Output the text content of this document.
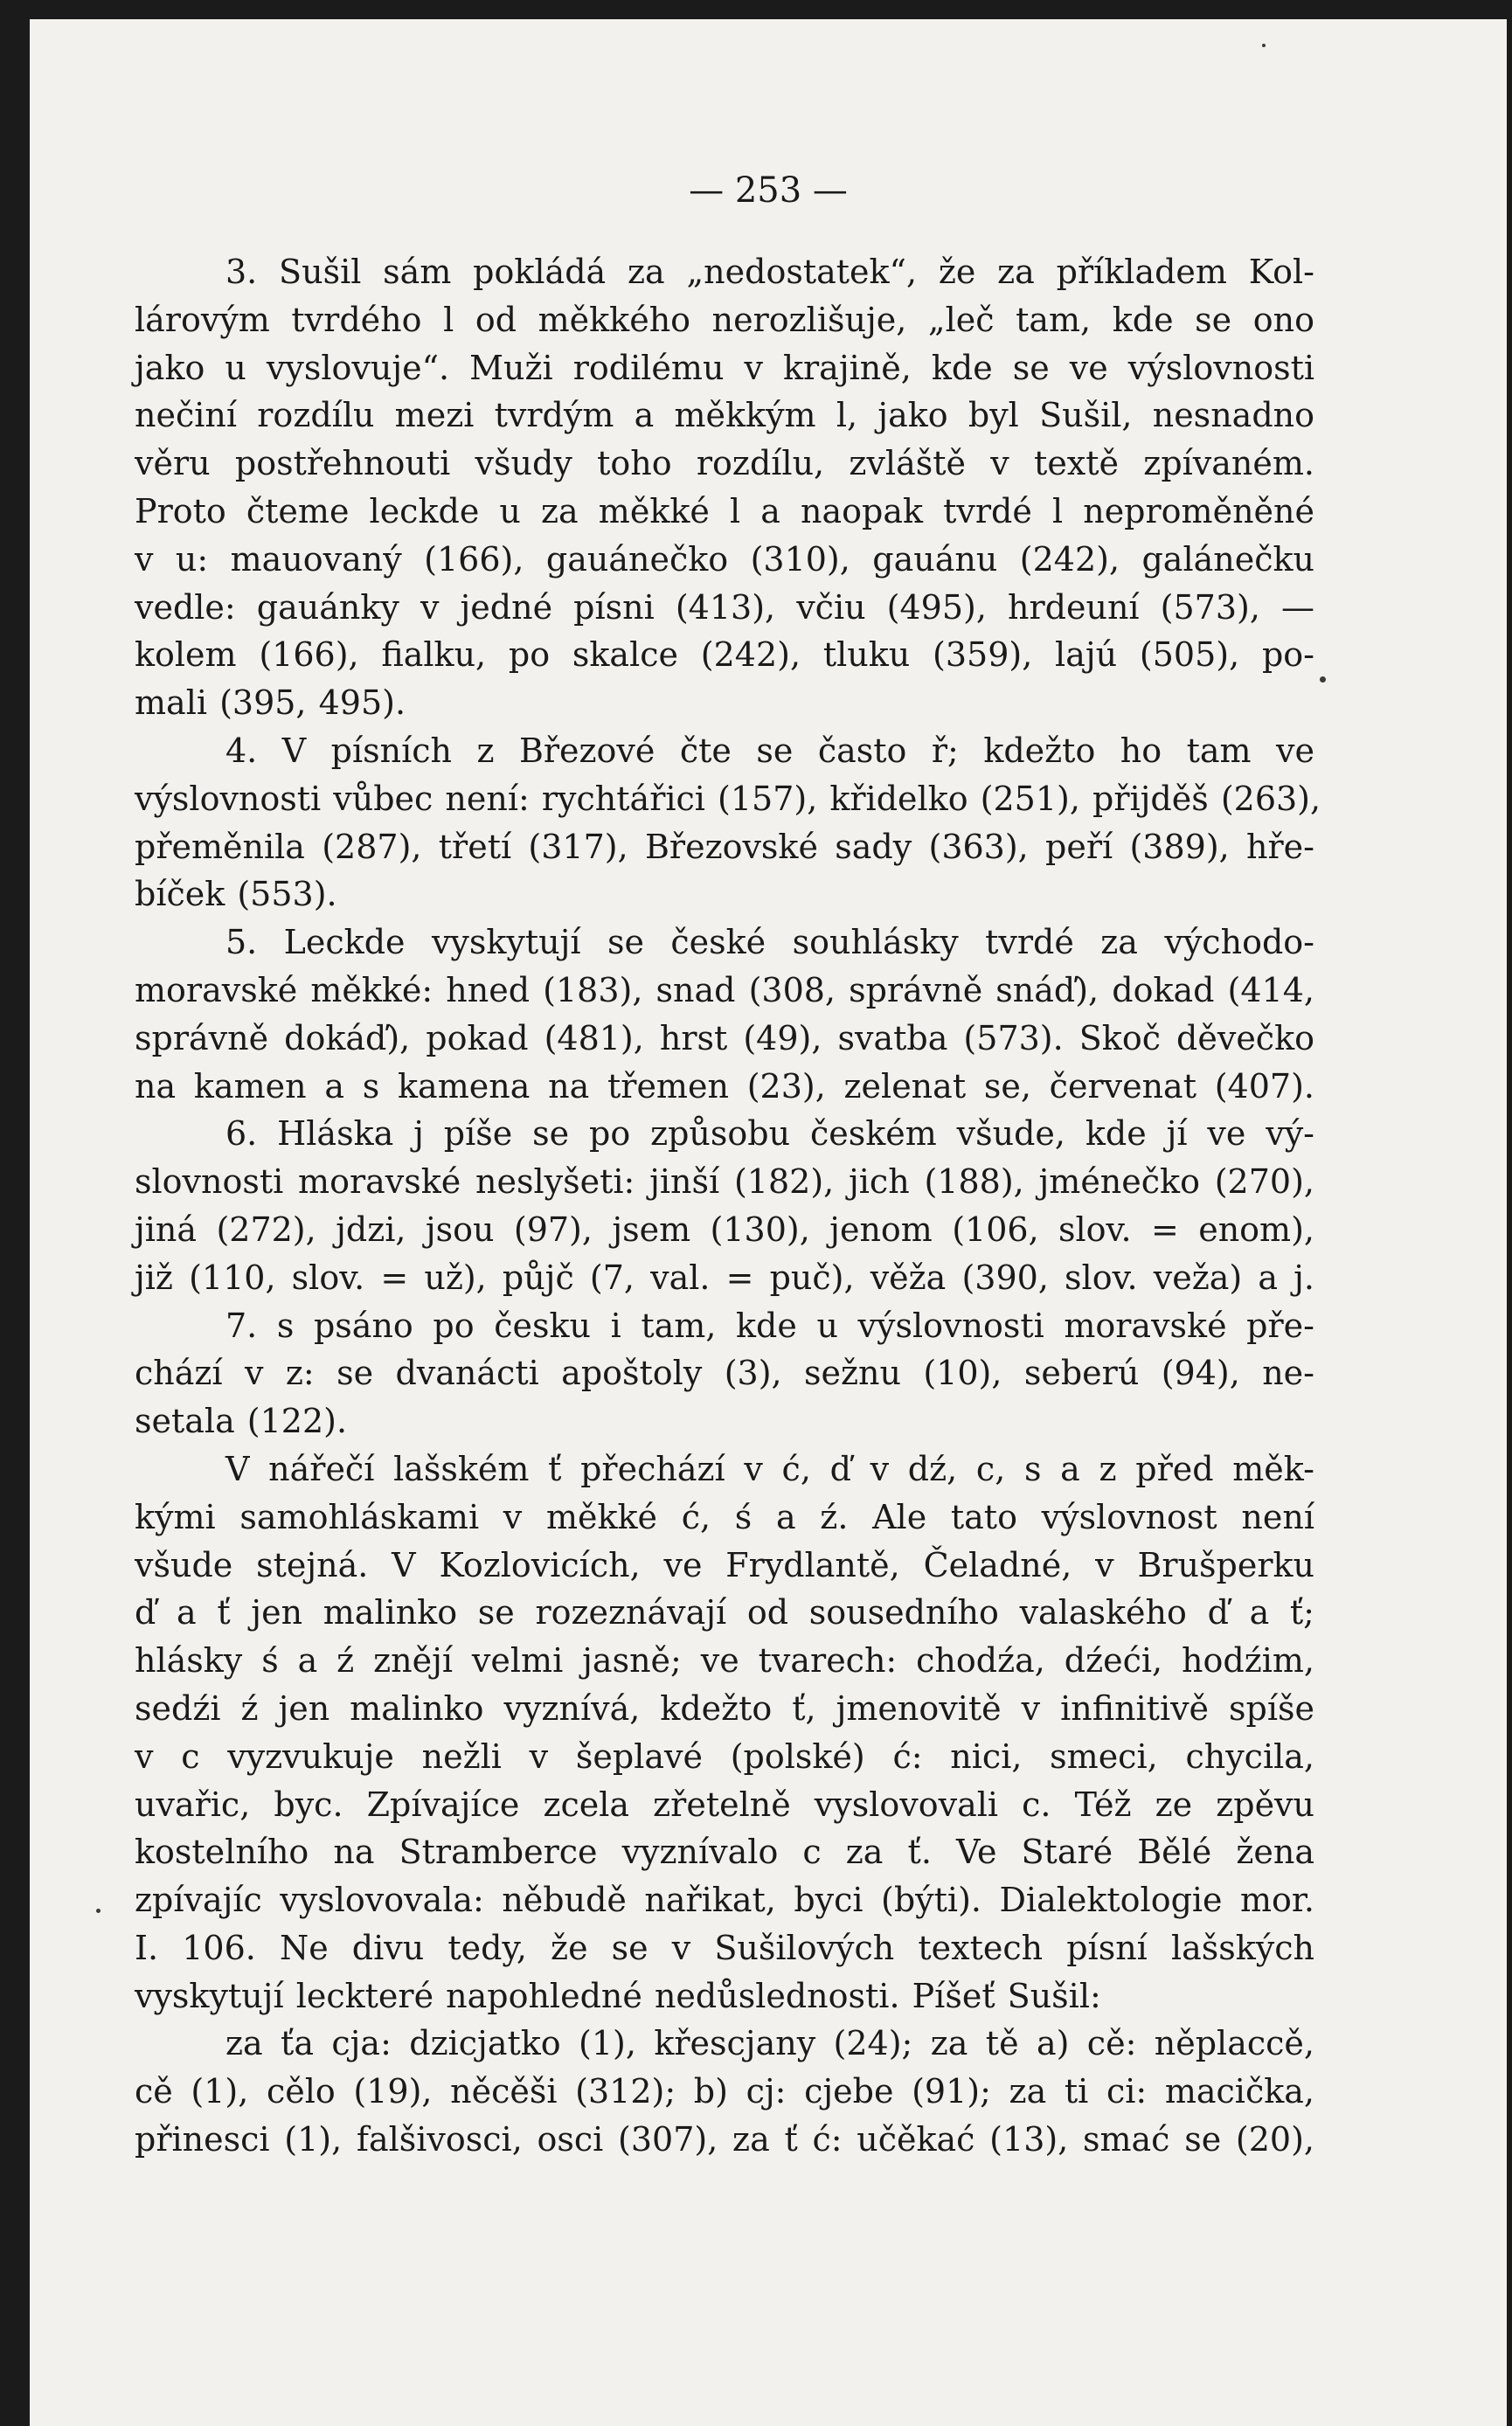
— 253 —
3. Sušil sám pokládá za „nedostatek“, že za příkladem Kol-
lárovým tvrdého l od měkkého nerozlišuje, „leč tam, kde se ono
jako u vyslovuje“. Muži rodilému v krajině, kde se ve výslovnosti
nečiní rozdílu mezi tvrdým a měkkým l, jako byl Sušil, nesnadno
věru postřehnouti všudy toho rozdílu, zvláště v textě zpívaném.
Proto čteme leckde u za měkké l a naopak tvrdé l neproměněné
v u: mauovaný (166), gauánečko (310), gauánu (242), galánečku
vedle: gauánky v jedné písni (413), včiu (495), hrdeuní (573), —
kolem (166), fialku, po skalce (242), tluku (359), lajú (505), po-
mali (395, 495).
4. V písních z Březové čte se často ř; kdežto ho tam ve
výslovnosti vůbec není: rychtářici (157), křidelko (251), přijděš (263),
přeměnila (287), třetí (317), Březovské sady (363), peří (389), hře-
bíček (553).
5. Leckde vyskytují se české souhlásky tvrdé za východo-
moravské měkké: hned (183), snad (308, správně snáď), dokad (414,
správně dokáď), pokad (481), hrst (49), svatba (573). Skoč děvečko
na kamen a s kamena na třemen (23), zelenat se, červenat (407).
6. Hláska j píše se po způsobu českém všude, kde jí ve vý-
slovnosti moravské neslyšeti: jinší (182), jich (188), jménečko (270),
jiná (272), jdzi, jsou (97), jsem (130), jenom (106, slov. = enom),
již (110, slov. = už), půjč (7, val. = puč), věža (390, slov. veža) a j.
7. s psáno po česku i tam, kde u výslovnosti moravské pře-
chází v z: se dvanácti apoštoly (3), sežnu (10), seberú (94), ne-
setala (122).
V nářečí lašském ť přechází v ć, ď v dź, c, s a z před měk-
kými samohláskami v měkké ć, ś a ź. Ale tato výslovnost není
všude stejná. V Kozlovicích, ve Frydlantě, Čeladné, v Brušperku
ď a ť jen malinko se rozeznávají od sousedního valaského ď a ť;
hlásky ś a ź znějí velmi jasně; ve tvarech: chodźa, dźeći, hodźim,
sedźi ź jen malinko vyznívá, kdežto ť, jmenovitě v infinitivě spíše
v c vyzvukuje nežli v šeplavé (polské) ć: nici, smeci, chycila,
uvařic, byc. Zpívajíce zcela zřetelně vyslovovali c. Též ze zpěvu
kostelního na Stramberce vyznívalo c za ť. Ve Staré Bělé žena
zpívajíc vyslovovala: něbudě nařikat, byci (býti). Dialektologie mor.
I. 106. Ne divu tedy, že se v Sušilových textech písní lašských
vyskytují leckteré napohledné nedůslednosti. Píšeť Sušil:
za ťa cja: dzicjatko (1), křescjany (24); za tě a) cě: něplaccě,
cě (1), cělo (19), něcěši (312); b) cj: cjebe (91); za ti ci: macička,
přinesci (1), falšivosci, osci (307), za ť ć: učěkać (13), smać se (20),
